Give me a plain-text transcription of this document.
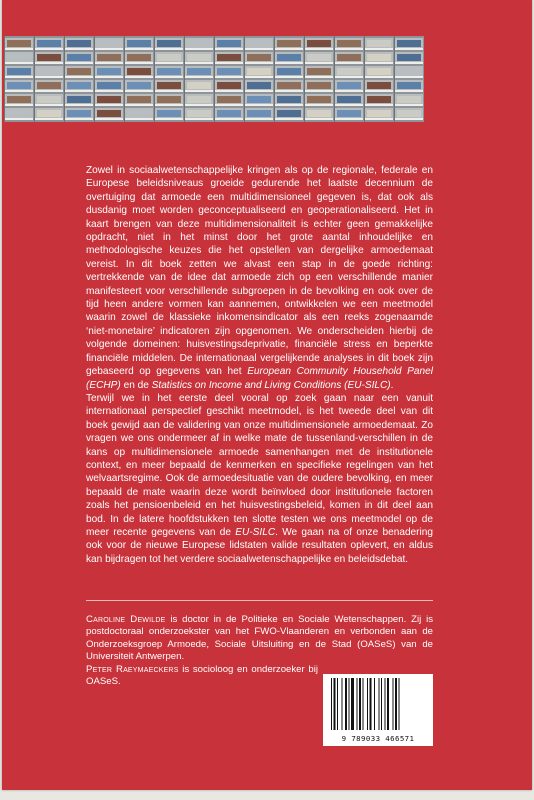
Zowel in sociaalwetenschappelijke kringen als op de regionale, federale en Europese beleidsniveaus groeide gedurende het laatste decennium de overtuiging dat armoede een multidimensioneel gegeven is, dat ook als dusdanig moet worden geconceptualiseerd en geoperationaliseerd. Het in kaart brengen van deze multidimensionaliteit is echter geen gemakkelijke opdracht, niet in het minst door het grote aantal inhoudelijke en methodologische keuzes die het opstellen van dergelijke armoedemaat vereist. In dit boek zetten we alvast een stap in de goede richting: vertrekkende van de idee dat armoede zich op een verschillende manier manifesteert voor verschillende subgroepen in de bevolking en ook over de tijd heen andere vormen kan aannemen, ontwikkelen we een meetmodel waarin zowel de klassieke inkomensindicator als een reeks zogenaamde ‘niet-monetaire’ indicatoren zijn opgenomen. We onderscheiden hierbij de volgende domeinen: huisvestingsdeprivatie, financiële stress en beperkte financiële middelen. De internationaal vergelijkende analyses in dit boek zijn gebaseerd op gegevens van het European Community Household Panel (ECHP) en de Statistics on Income and Living Conditions (EU-SILC).

Terwijl we in het eerste deel vooral op zoek gaan naar een vanuit internationaal perspectief geschikt meetmodel, is het tweede deel van dit boek gewijd aan de validering van onze multidimensionele armoedemaat. Zo vragen we ons ondermeer af in welke mate de tussenland-verschillen in de kans op multidimensionele armoede samenhangen met de institutionele context, en meer bepaald de kenmerken en specifieke regelingen van het welvaartsregime. Ook de armoedesituatie van de oudere bevolking, en meer bepaald de mate waarin deze wordt beïnvloed door institutionele factoren zoals het pensioenbeleid en het huisvestingsbeleid, komen in dit deel aan bod. In de latere hoofdstukken ten slotte testen we ons meetmodel op de meer recente gegevens van de EU-SILC. We gaan na of onze benadering ook voor de nieuwe Europese lidstaten valide resultaten oplevert, en aldus kan bijdragen tot het verdere sociaalwetenschappelijke en beleidsdebat.

Caroline Dewilde is doctor in de Politieke en Sociale Wetenschappen. Zij is postdoctoraal onderzoekster van het FWO-Vlaanderen en verbonden aan de Onderzoeksgroep Armoede, Sociale Uitsluiting en de Stad (OASeS) van de Universiteit Antwerpen.

Peter Raeymaeckers is socioloog en onderzoeker bij OASeS.

9 789033 466571
